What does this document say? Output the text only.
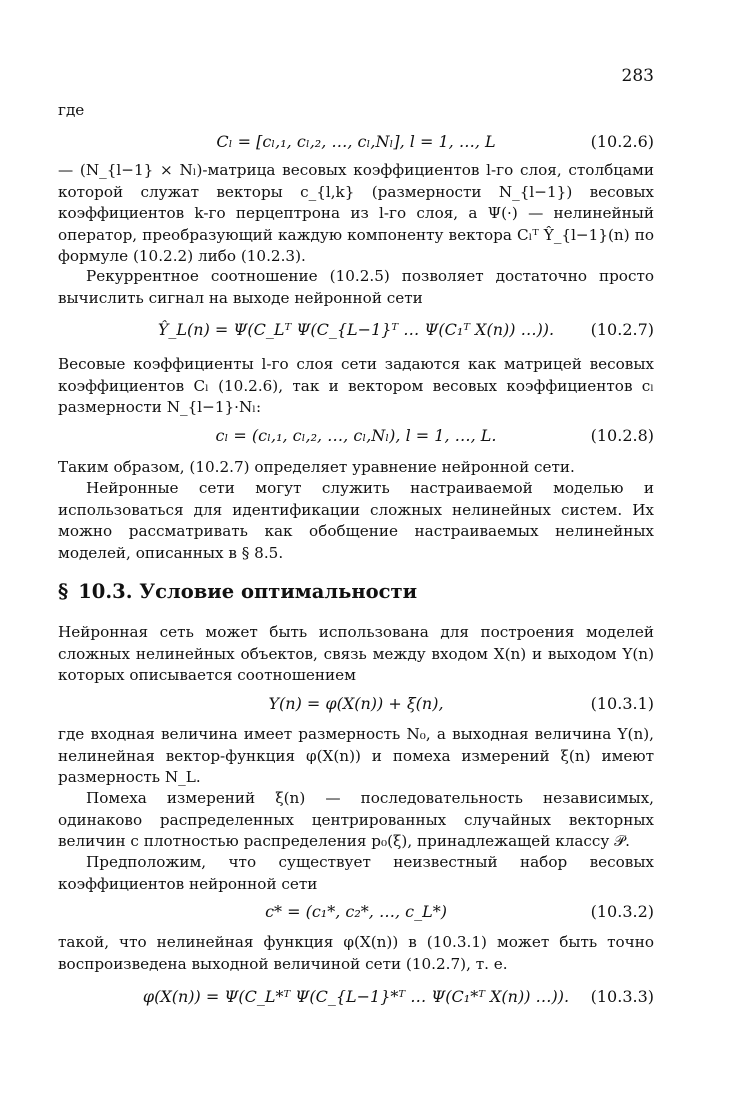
283

где

Cₗ = [cₗ,₁, cₗ,₂, …, cₗ,Nₗ], l = 1, …, L	(10.2.6)

— (N_{l−1} × Nₗ)-матрица весовых коэффициентов l-го слоя, столбцами которой служат векторы c_{l,k} (размерности N_{l−1}) весовых коэффициентов k-го перцептрона из l-го слоя, а Ψ(·) — нелинейный оператор, преобразующий каждую компоненту вектора Cₗᵀ Ŷ_{l−1}(n) по формуле (10.2.2) либо (10.2.3).

Рекуррентное соотношение (10.2.5) позволяет достаточно просто вычислить сигнал на выходе нейронной сети

Ŷ_L(n) = Ψ(C_Lᵀ Ψ(C_{L−1}ᵀ … Ψ(C₁ᵀ X(n)) …)).	(10.2.7)

Весовые коэффициенты l-го слоя сети задаются как матрицей весовых коэффициентов Cₗ (10.2.6), так и вектором весовых коэффициентов cₗ размерности N_{l−1}·Nₗ:

cₗ = (cₗ,₁, cₗ,₂, …, cₗ,Nₗ), l = 1, …, L.	(10.2.8)

Таким образом, (10.2.7) определяет уравнение нейронной сети.

Нейронные сети могут служить настраиваемой моделью и использоваться для идентификации сложных нелинейных систем. Их можно рассматривать как обобщение настраиваемых нелинейных моделей, описанных в § 8.5.

§ 10.3. Условие оптимальности

Нейронная сеть может быть использована для построения моделей сложных нелинейных объектов, связь между входом X(n) и выходом Y(n) которых описывается соотношением

Y(n) = φ(X(n)) + ξ(n),	(10.3.1)

где входная величина имеет размерность N₀, а выходная величина Y(n), нелинейная вектор-функция φ(X(n)) и помеха измерений ξ(n) имеют размерность N_L.

Помеха измерений ξ(n) — последовательность независимых, одинаково распределенных центрированных случайных векторных величин с плотностью распределения p₀(ξ), принадлежащей классу 𝒫.

Предположим, что существует неизвестный набор весовых коэффициентов нейронной сети

c* = (c₁*, c₂*, …, c_L*)	(10.3.2)

такой, что нелинейная функция φ(X(n)) в (10.3.1) может быть точно воспроизведена выходной величиной сети (10.2.7), т. е.

φ(X(n)) = Ψ(C_L*ᵀ Ψ(C_{L−1}*ᵀ … Ψ(C₁*ᵀ X(n)) …)).	(10.3.3)
